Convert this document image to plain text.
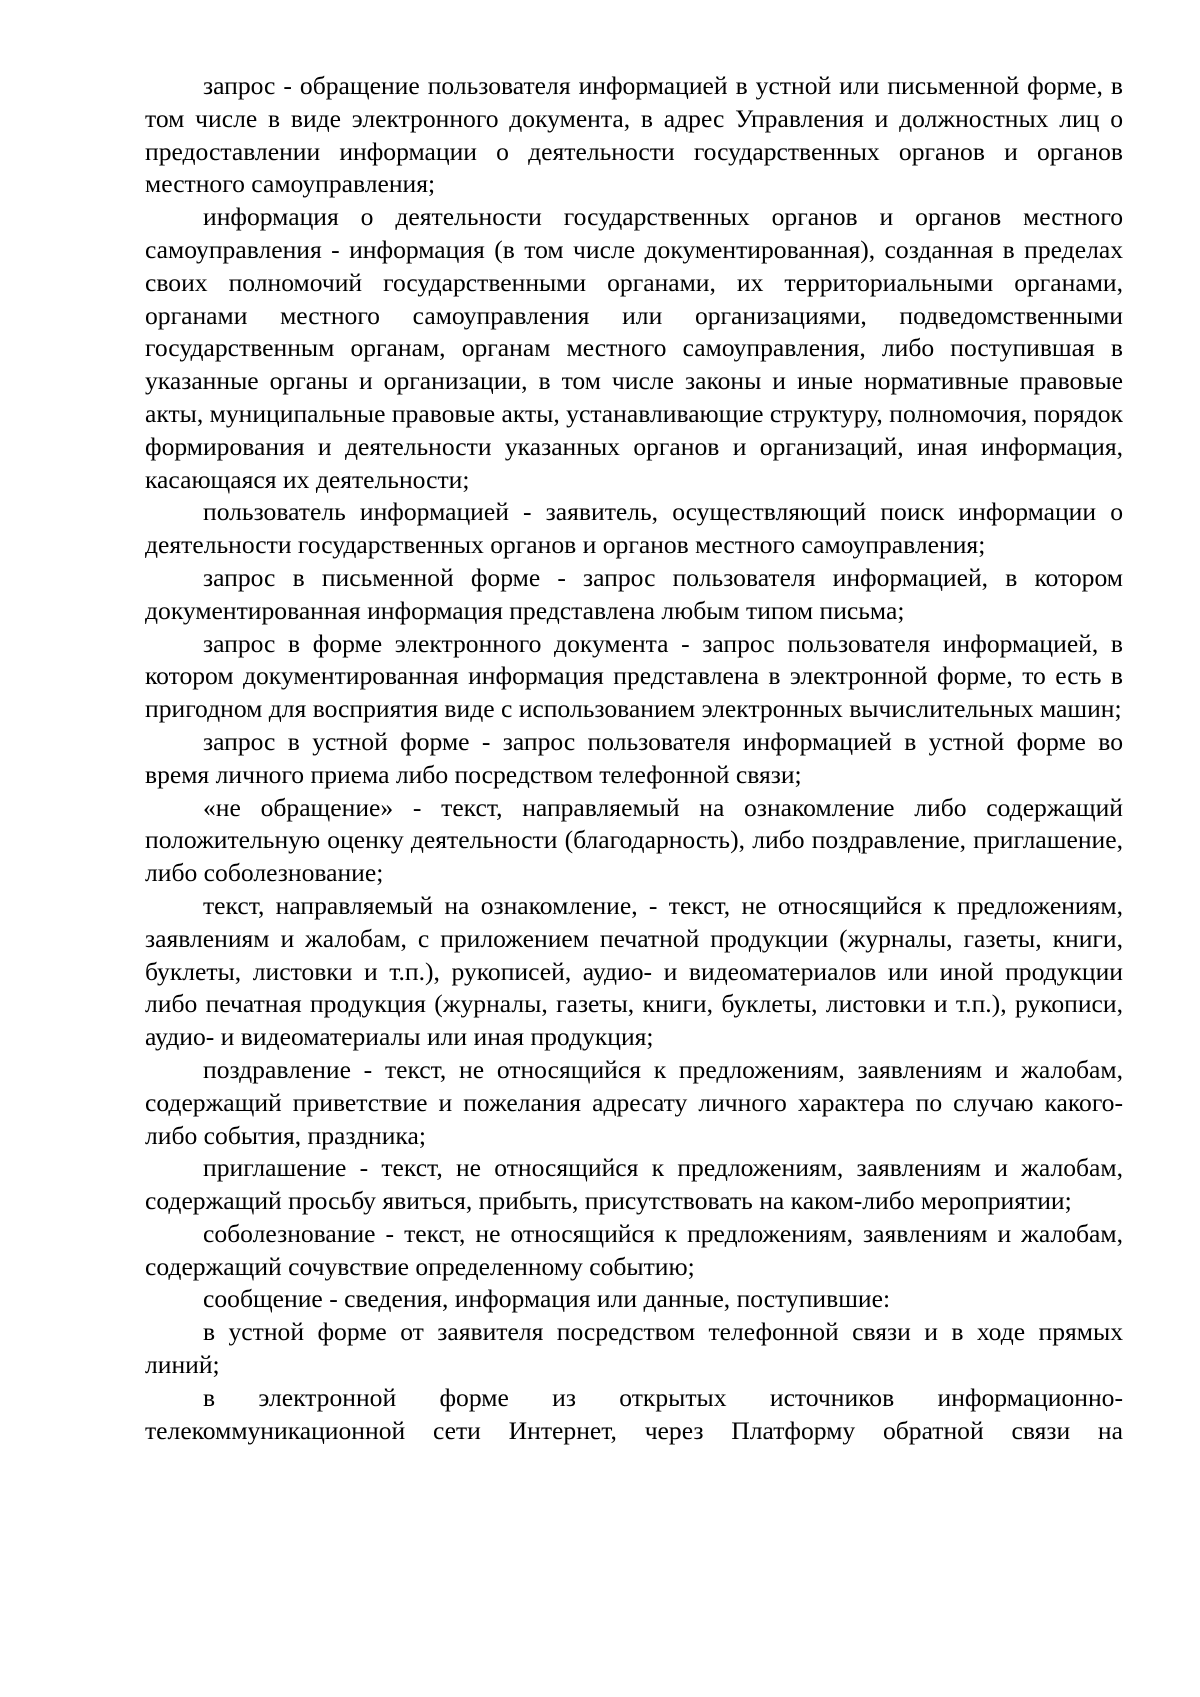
запрос - обращение пользователя информацией в устной или письменной форме, в том числе в виде электронного документа, в адрес Управления и должностных лиц о предоставлении информации о деятельности государственных органов и органов местного самоуправления;

информация о деятельности государственных органов и органов местного самоуправления - информация (в том числе документированная), созданная в пределах своих полномочий государственными органами, их территориальными органами, органами местного самоуправления или организациями, подведомственными государственным органам, органам местного самоуправления, либо поступившая в указанные органы и организации, в том числе законы и иные нормативные правовые акты, муниципальные правовые акты, устанавливающие структуру, полномочия, порядок формирования и деятельности указанных органов и организаций, иная информация, касающаяся их деятельности;

пользователь информацией - заявитель, осуществляющий поиск информации о деятельности государственных органов и органов местного самоуправления;

запрос в письменной форме - запрос пользователя информацией, в котором документированная информация представлена любым типом письма;

запрос в форме электронного документа - запрос пользователя информацией, в котором документированная информация представлена в электронной форме, то есть в пригодном для восприятия виде с использованием электронных вычислительных машин;

запрос в устной форме - запрос пользователя информацией в устной форме во время личного приема либо посредством телефонной связи;

«не обращение» - текст, направляемый на ознакомление либо содержащий положительную оценку деятельности (благодарность), либо поздравление, приглашение, либо соболезнование;

текст, направляемый на ознакомление, - текст, не относящийся к предложениям, заявлениям и жалобам, с приложением печатной продукции (журналы, газеты, книги, буклеты, листовки и т.п.), рукописей, аудио- и видеоматериалов или иной продукции либо печатная продукция (журналы, газеты, книги, буклеты, листовки и т.п.), рукописи, аудио- и видеоматериалы или иная продукция;

поздравление - текст, не относящийся к предложениям, заявлениям и жалобам, содержащий приветствие и пожелания адресату личного характера по случаю какого-либо события, праздника;

приглашение - текст, не относящийся к предложениям, заявлениям и жалобам, содержащий просьбу явиться, прибыть, присутствовать на каком-либо мероприятии;

соболезнование - текст, не относящийся к предложениям, заявлениям и жалобам, содержащий сочувствие определенному событию;

сообщение - сведения, информация или данные, поступившие:

в устной форме от заявителя посредством телефонной связи и в ходе прямых линий;

в электронной форме из открытых источников информационно-телекоммуникационной сети Интернет, через Платформу обратной связи на
